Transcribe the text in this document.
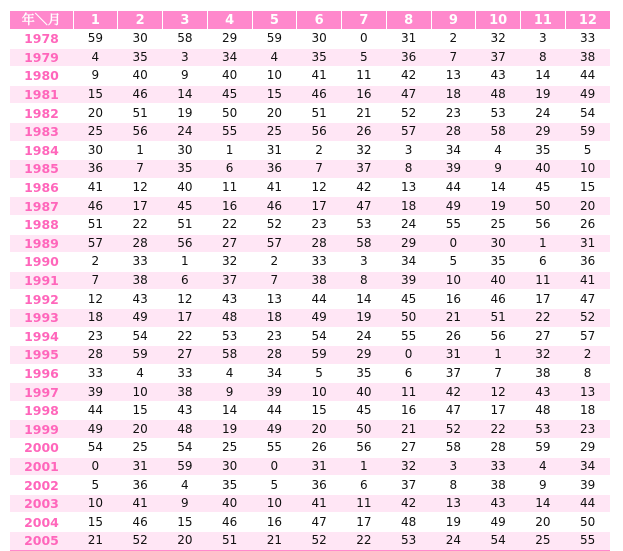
年＼月	1	2	3	4	5	6	7	8	9	10	11	12
1978	59	30	58	29	59	30	0	31	2	32	3	33
1979	4	35	3	34	4	35	5	36	7	37	8	38
1980	9	40	9	40	10	41	11	42	13	43	14	44
1981	15	46	14	45	15	46	16	47	18	48	19	49
1982	20	51	19	50	20	51	21	52	23	53	24	54
1983	25	56	24	55	25	56	26	57	28	58	29	59
1984	30	1	30	1	31	2	32	3	34	4	35	5
1985	36	7	35	6	36	7	37	8	39	9	40	10
1986	41	12	40	11	41	12	42	13	44	14	45	15
1987	46	17	45	16	46	17	47	18	49	19	50	20
1988	51	22	51	22	52	23	53	24	55	25	56	26
1989	57	28	56	27	57	28	58	29	0	30	1	31
1990	2	33	1	32	2	33	3	34	5	35	6	36
1991	7	38	6	37	7	38	8	39	10	40	11	41
1992	12	43	12	43	13	44	14	45	16	46	17	47
1993	18	49	17	48	18	49	19	50	21	51	22	52
1994	23	54	22	53	23	54	24	55	26	56	27	57
1995	28	59	27	58	28	59	29	0	31	1	32	2
1996	33	4	33	4	34	5	35	6	37	7	38	8
1997	39	10	38	9	39	10	40	11	42	12	43	13
1998	44	15	43	14	44	15	45	16	47	17	48	18
1999	49	20	48	19	49	20	50	21	52	22	53	23
2000	54	25	54	25	55	26	56	27	58	28	59	29
2001	0	31	59	30	0	31	1	32	3	33	4	34
2002	5	36	4	35	5	36	6	37	8	38	9	39
2003	10	41	9	40	10	41	11	42	13	43	14	44
2004	15	46	15	46	16	47	17	48	19	49	20	50
2005	21	52	20	51	21	52	22	53	24	54	25	55
